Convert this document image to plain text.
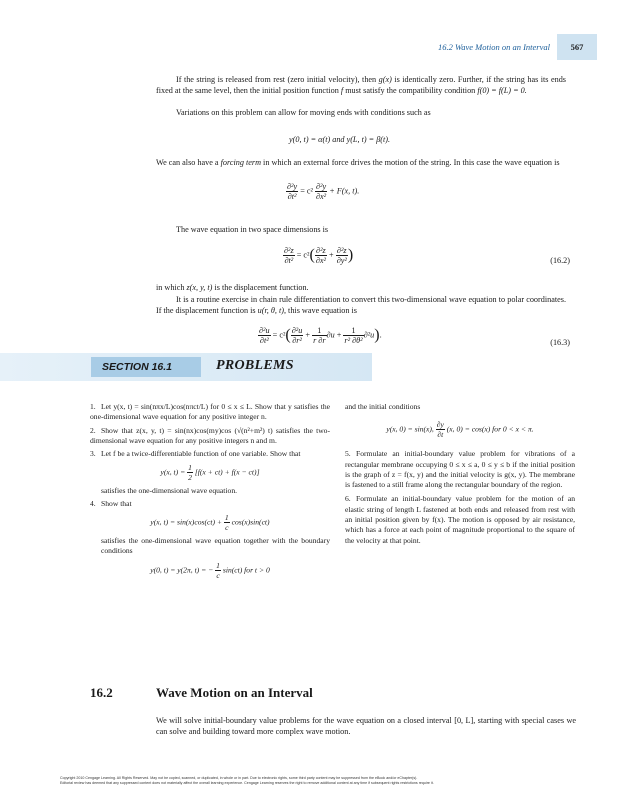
16.2 Wave Motion on an Interval	567
If the string is released from rest (zero initial velocity), then g(x) is identically zero. Further, if the string has its ends fixed at the same level, then the initial position function f must satisfy the compatibility condition f(0) = f(L) = 0.
Variations on this problem can allow for moving ends with conditions such as
y(0, t) = α(t) and y(L, t) = β(t).
We can also have a forcing term in which an external force drives the motion of the string. In this case the wave equation is
$\frac{\text{∂²y}}{\text{∂t²}} = c^2 \frac{\text{∂²y}}{\text{∂x²}} + F(x$, t).
The wave equation in two space dimensions is
$\frac{\text{∂²z}}{\text{∂t²}} = c^2( \frac{\text{∂²z}}{\text{∂x²}} + \frac{\text{∂²z}}{\text{∂y²}}$ )	(16.2)
in which z(x, y, t) is the displacement function.
It is a routine exercise in chain rule differentiation to convert this two-dimensional wave equation to polar coordinates. If the displacement function is u(r, θ, t), this wave equation is
$\frac{\text{∂²u}}{\text{∂t²}} = c^2( \frac{\text{∂²u}}{\text{∂r²}} + \frac{1}{r \partial r} \partial u + \frac{1}{\text{r² ∂θ²}} \partial^2u)$.
(16.3)
SECTION 16.1	PROBLEMS
1. Let y(x, t) = sin(nπx/L)cos(nπct/L) for 0 ≤ x ≤ L. Show that y satisfies the one-dimensional wave equation for any positive integer n.
2. Show that z(x, y, t) = sin(nx)cos(my)cos (√(n²+m²) t) satisfies the two-dimensional wave equation for any positive integers n and m.
3. Let f be a twice-differentiable function of one variable. Show that
y(x, $t) = \frac{1}{2} [f(x + ct) + f(x - ct)]$
satisfies the one-dimensional wave equation.
4. Show that
y(x, $t) = \sin(x)\cos(ct) + \frac{1}{c} \cos(x)\sin(ct)$
satisfies the one-dimensional wave equation together with the boundary conditions
y(0, t) = y(2π, t) = − $\frac{1}{c} \sin(ct)$ for t > 0
and the initial conditions
y(x, 0) = sin(x), $\frac{\partial y}{\partial t} (x$, 0) = cos(x) for 0 < x < π.
5. Formulate an initial-boundary value problem for vibrations of a rectangular membrane occupying 0 ≤ x ≤ a, 0 ≤ y ≤ b if the initial position is the graph of z = f(x, y) and the initial velocity is g(x, y). The membrane is fastened to a still frame along the rectangular boundary of the region.
6. Formulate an initial-boundary value problem for the motion of an elastic string of length L fastened at both ends and released from rest with an initial position given by f(x). The motion is opposed by air resistance, which has a force at each point of magnitude proportional to the square of the velocity at that point.
16.2	Wave Motion on an Interval
We will solve initial-boundary value problems for the wave equation on a closed interval [0, L], starting with special cases we can solve and building toward more complex wave motion.
Copyright 2010 Cengage Learning. All Rights Reserved. May not be copied, scanned, or duplicated, in whole or in part. Due to electronic rights, some third party content may be suppressed from the eBook and/or eChapter(s).
Editorial review has deemed that any suppressed content does not materially affect the overall learning experience. Cengage Learning reserves the right to remove additional content at any time if subsequent rights restrictions require it.
